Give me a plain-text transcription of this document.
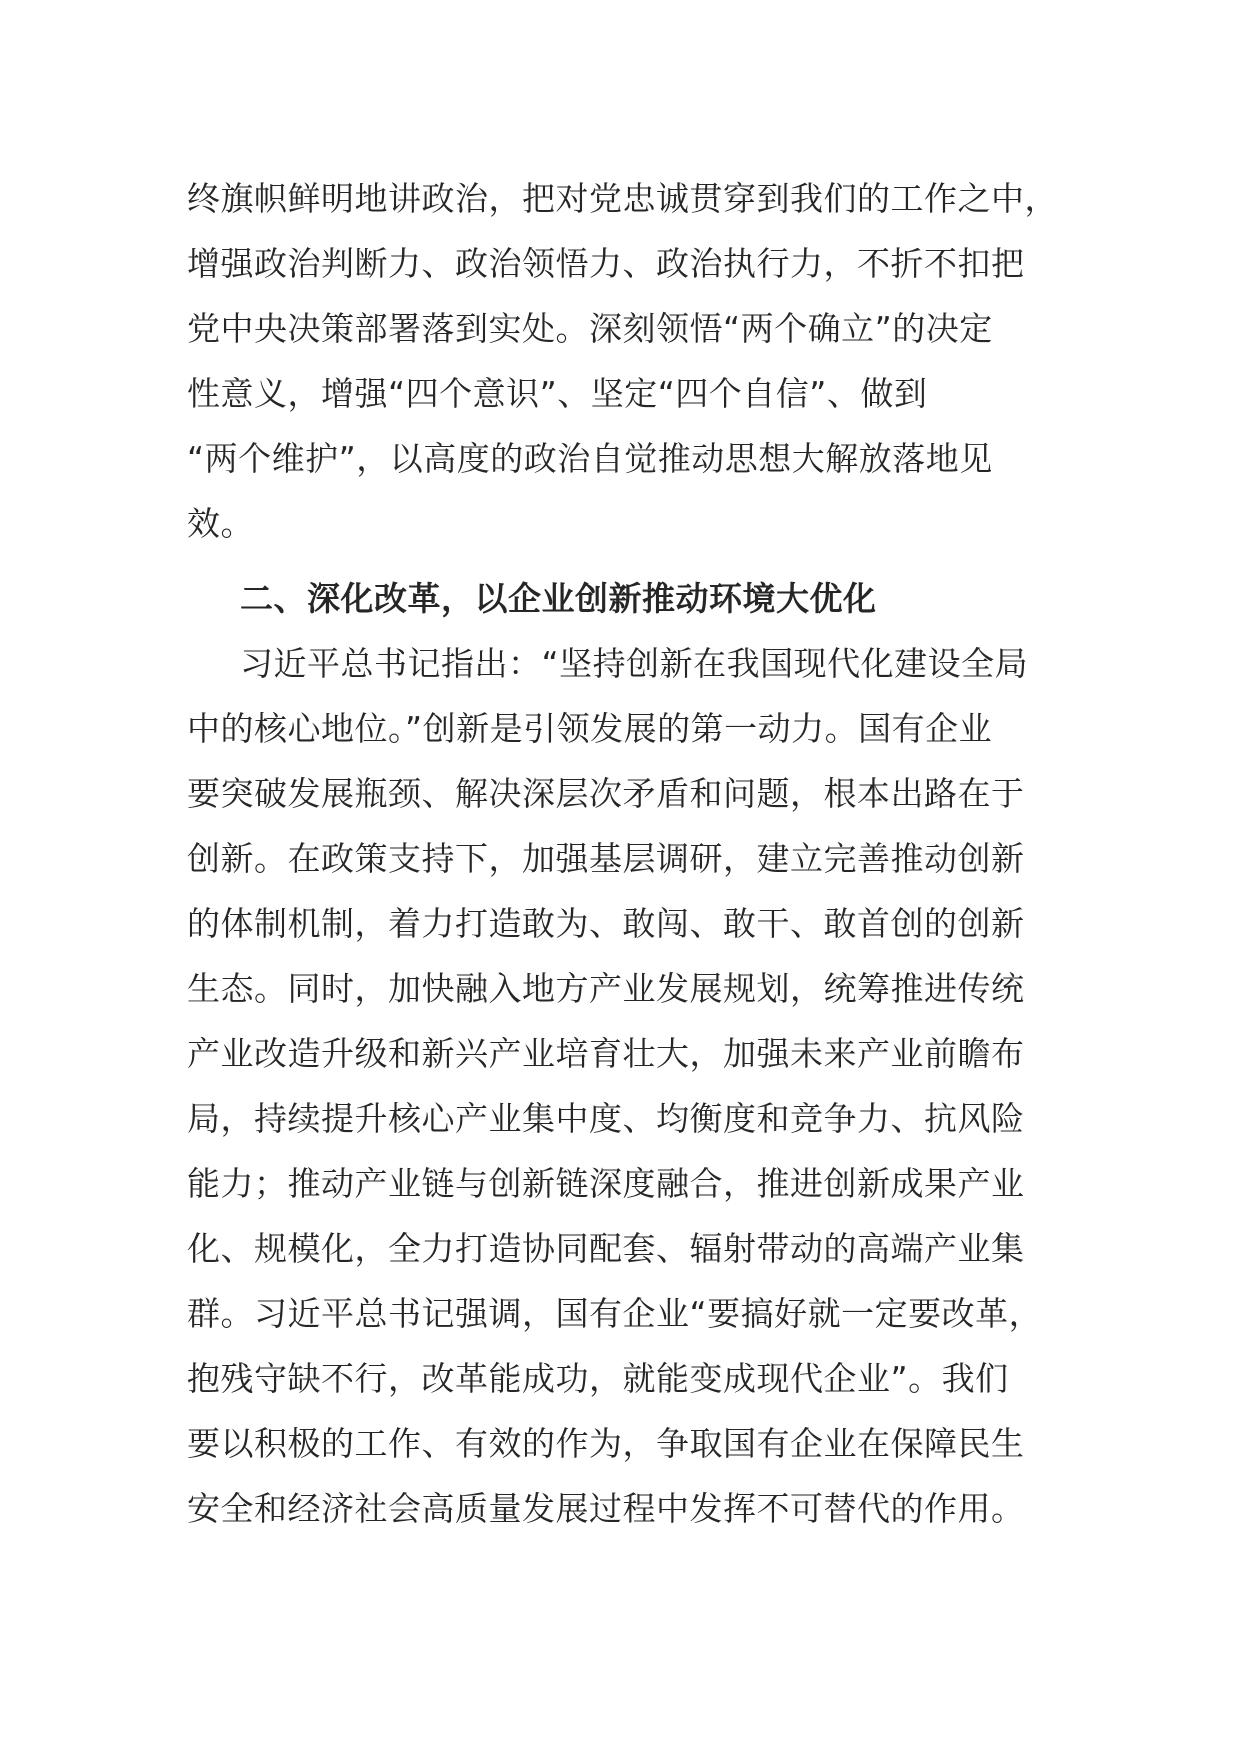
终旗帜鲜明地讲政治，把对党忠诚贯穿到我们的工作之中，
增强政治判断力、政治领悟力、政治执行力，不折不扣把
党中央决策部署落到实处。深刻领悟“两个确立”的决定
性意义，增强“四个意识”、坚定“四个自信”、做到
“两个维护”，以高度的政治自觉推动思想大解放落地见
效。
二、深化改革，以企业创新推动环境大优化
习近平总书记指出：“坚持创新在我国现代化建设全局
中的核心地位。”创新是引领发展的第一动力。国有企业
要突破发展瓶颈、解决深层次矛盾和问题，根本出路在于
创新。在政策支持下，加强基层调研，建立完善推动创新
的体制机制，着力打造敢为、敢闯、敢干、敢首创的创新
生态。同时，加快融入地方产业发展规划，统筹推进传统
产业改造升级和新兴产业培育壮大，加强未来产业前瞻布
局，持续提升核心产业集中度、均衡度和竞争力、抗风险
能力；推动产业链与创新链深度融合，推进创新成果产业
化、规模化，全力打造协同配套、辐射带动的高端产业集
群。习近平总书记强调，国有企业“要搞好就一定要改革，
抱残守缺不行，改革能成功，就能变成现代企业”。我们
要以积极的工作、有效的作为，争取国有企业在保障民生
安全和经济社会高质量发展过程中发挥不可替代的作用。
